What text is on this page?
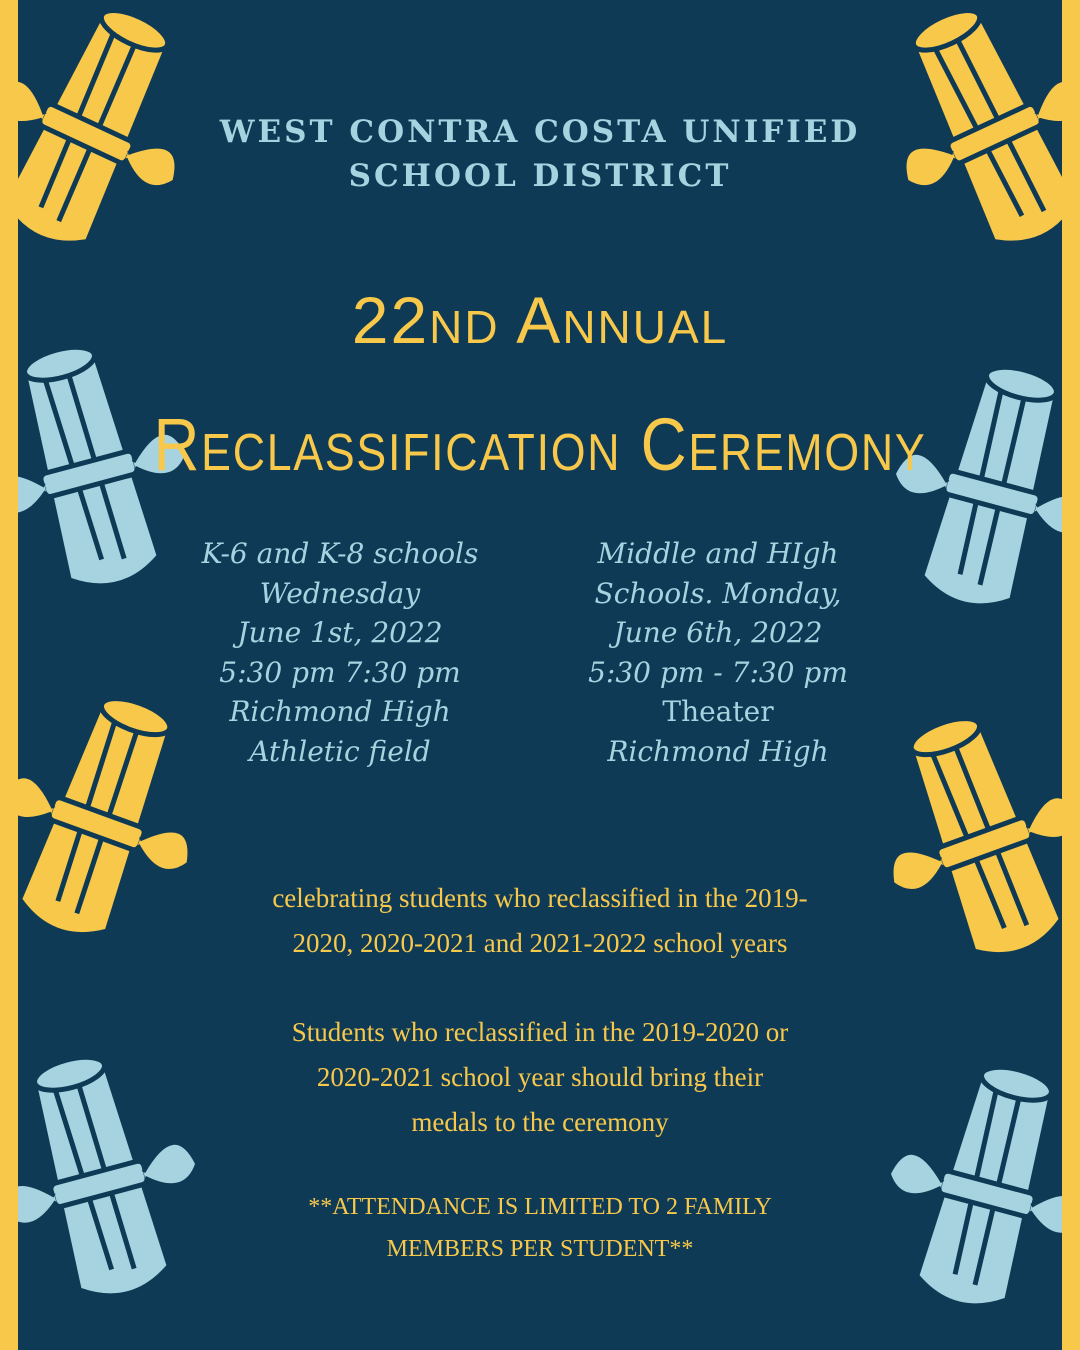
WEST CONTRA COSTA UNIFIED
SCHOOL DISTRICT
22nd Annual
Reclassification Ceremony
K-6 and K-8 schools
Wednesday
June 1st, 2022
5:30 pm 7:30 pm
Richmond High
Athletic field
Middle and HIgh
Schools. Monday,
June 6th, 2022
5:30 pm - 7:30 pm
Theater
Richmond High
celebrating students who reclassified in the 2019-
2020, 2020-2021 and 2021-2022 school years
Students who reclassified in the 2019-2020 or
2020-2021 school year should bring their
medals to the ceremony
**ATTENDANCE IS LIMITED TO 2 FAMILY
MEMBERS PER STUDENT**
